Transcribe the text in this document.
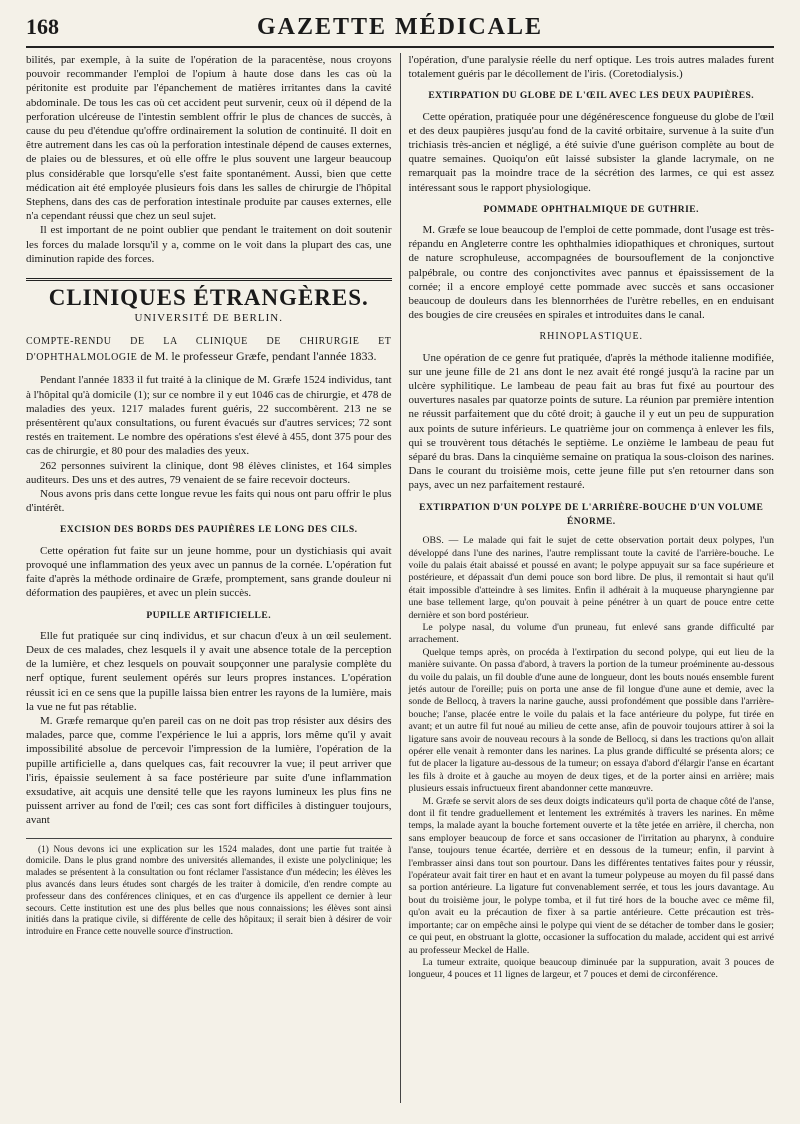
168	GAZETTE MÉDICALE

bilités, par exemple, à la suite de l'opération de la paracentèse, nous croyons pouvoir recommander l'emploi de l'opium à haute dose dans les cas où la péritonite est produite par l'épanchement de matières irritantes dans la cavité abdominale. De tous les cas où cet accident peut survenir, ceux où il dépend de la perforation ulcéreuse de l'intestin semblent offrir le plus de chances de succès, à cause du peu d'étendue qu'offre ordinairement la solution de continuité. Il doit en être autrement dans les cas où la perforation intestinale dépend de causes externes, de plaies ou de blessures, et où elle offre le plus souvent une largeur beaucoup plus considérable que lorsqu'elle s'est faite spontanément. Aussi, bien que cette médication ait été employée plusieurs fois dans les salles de chirurgie de l'hôpital Stephens, dans des cas de perforation intestinale produite par causes externes, elle n'a cependant réussi que chez un seul sujet.

Il est important de ne point oublier que pendant le traitement on doit soutenir les forces du malade lorsqu'il y a, comme on le voit dans la plupart des cas, une diminution rapide des forces.

CLINIQUES ÉTRANGÈRES.
UNIVERSITÉ DE BERLIN.

COMPTE-RENDU DE LA CLINIQUE DE CHIRURGIE ET D'OPHTHALMOLOGIE de M. le professeur Græfe, pendant l'année 1833.

Pendant l'année 1833 il fut traité à la clinique de M. Græfe 1524 individus, tant à l'hôpital qu'à domicile (1); sur ce nombre il y eut 1046 cas de chirurgie, et 478 de maladies des yeux. 1217 malades furent guéris, 22 succombèrent. 213 ne se présentèrent qu'aux consultations, ou furent évacués sur d'autres services; 72 sont restés en traitement. Le nombre des opérations s'est élevé à 455, dont 375 pour des cas de chirurgie, et 80 pour des maladies des yeux.

262 personnes suivirent la clinique, dont 98 élèves clinistes, et 164 simples auditeurs. Des uns et des autres, 79 venaient de se faire recevoir docteurs.

Nous avons pris dans cette longue revue les faits qui nous ont paru offrir le plus d'intérêt.

EXCISION DES BORDS DES PAUPIÈRES LE LONG DES CILS.

Cette opération fut faite sur un jeune homme, pour un dystichiasis qui avait provoqué une inflammation des yeux avec un pannus de la cornée. L'opération fut faite d'après la méthode ordinaire de Græfe, promptement, sans grande douleur ni déformation des paupières, et avec un plein succès.

PUPILLE ARTIFICIELLE.

Elle fut pratiquée sur cinq individus, et sur chacun d'eux à un œil seulement. Deux de ces malades, chez lesquels il y avait une absence totale de la perception de la lumière, et chez lesquels on pouvait soupçonner une paralysie complète du nerf optique, furent seulement opérés sur leurs propres instances. L'opération réussit ici en ce sens que la pupille laissa bien entrer les rayons de la lumière, mais la vue ne fut pas rétablie.

M. Græfe remarque qu'en pareil cas on ne doit pas trop résister aux désirs des malades, parce que, comme l'expérience le lui a appris, lors même qu'il y avait impossibilité absolue de percevoir l'impression de la lumière, l'opération de la pupille artificielle a, dans quelques cas, fait recouvrer la vue; il peut arriver que l'iris, épaissie seulement à sa face postérieure par suite d'une inflammation exsudative, ait acquis une densité telle que les rayons lumineux les plus fins ne puissent arriver au fond de l'œil; ces cas sont fort difficiles à distinguer toujours, avant

(1) Nous devons ici une explication sur les 1524 malades, dont une partie fut traitée à domicile. Dans le plus grand nombre des universités allemandes, il existe une polyclinique; les malades se présentent à la consultation ou font réclamer l'assistance d'un médecin; les élèves les plus avancés dans leurs études sont chargés de les traiter à domicile, d'en rendre compte au professeur dans des conférences cliniques, et en cas d'urgence ils appellent ce dernier à leur secours. Cette institution est une des plus belles que nous connaissions; les élèves sont ainsi initiés dans la pratique civile, si différente de celle des hôpitaux; il serait bien à désirer de voir introduire en France cette nouvelle source d'instruction.

l'opération, d'une paralysie réelle du nerf optique. Les trois autres malades furent totalement guéris par le décollement de l'iris. (Coretodialysis.)

EXTIRPATION DU GLOBE DE L'ŒIL AVEC LES DEUX PAUPIÈRES.

Cette opération, pratiquée pour une dégénérescence fongueuse du globe de l'œil et des deux paupières jusqu'au fond de la cavité orbitaire, survenue à la suite d'un trichiasis très-ancien et négligé, a été suivie d'une guérison complète au bout de quatre semaines. Quoiqu'on eût laissé subsister la glande lacrymale, on ne remarquait pas la moindre trace de la sécrétion des larmes, ce qui est assez intéressant sous le rapport physiologique.

POMMADE OPHTHALMIQUE DE GUTHRIE.

M. Græfe se loue beaucoup de l'emploi de cette pommade, dont l'usage est très-répandu en Angleterre contre les ophthalmies idiopathiques et chroniques, surtout de nature scrophuleuse, accompagnées de boursouflement de la conjonctive palpébrale, ou contre des conjonctivites avec pannus et épaississement de la cornée; il a encore employé cette pommade avec succès et sans occasioner beaucoup de douleurs dans les blennorrhées de l'urètre rebelles, en en enduisant des bougies de cire creusées en spirales et introduites dans le canal.

RHINOPLASTIQUE.

Une opération de ce genre fut pratiquée, d'après la méthode italienne modifiée, sur une jeune fille de 21 ans dont le nez avait été rongé jusqu'à la racine par un ulcère syphilitique. Le lambeau de peau fait au bras fut fixé au pourtour des ouvertures nasales par quatorze points de suture. La réunion par première intention ne réussit parfaitement que du côté droit; à gauche il y eut un peu de suppuration aux points de suture inférieurs. Le quatrième jour on commença à enlever les fils, qui se trouvèrent tous détachés le septième. Le onzième le lambeau de peau fut séparé du bras. Dans la cinquième semaine on pratiqua la sous-cloison des narines. Dans le courant du troisième mois, cette jeune fille put s'en retourner dans son pays, avec un nez parfaitement restauré.

EXTIRPATION D'UN POLYPE DE L'ARRIÈRE-BOUCHE D'UN VOLUME ÉNORME.

OBS. — Le malade qui fait le sujet de cette observation portait deux polypes, l'un développé dans l'une des narines, l'autre remplissant toute la cavité de l'arrière-bouche. Le voile du palais était abaissé et poussé en avant; le polype appuyait sur sa face supérieure et postérieure, et dépassait d'un demi pouce son bord libre. De plus, il remontait si haut qu'il était impossible d'atteindre à ses limites. Enfin il adhérait à la muqueuse pharyngienne par une base tellement large, qu'on pouvait à peine pénétrer à un quart de pouce entre cette dernière et son bord postérieur.

Le polype nasal, du volume d'un pruneau, fut enlevé sans grande difficulté par arrachement.

Quelque temps après, on procéda à l'extirpation du second polype, qui eut lieu de la manière suivante. On passa d'abord, à travers la portion de la tumeur proéminente au-dessous du voile du palais, un fil double d'une aune de longueur, dont les bouts noués ensemble furent jetés autour de l'oreille; puis on porta une anse de fil longue d'une aune et demie, avec la sonde de Bellocq, à travers la narine gauche, aussi profondément que possible dans l'arrière-bouche; l'anse, placée entre le voile du palais et la face antérieure du polype, fut tirée en avant; et un autre fil fut noué au milieu de cette anse, afin de pouvoir toujours attirer à soi la ligature sans avoir de nouveau recours à la sonde de Bellocq, si dans les tractions qu'on allait opérer elle venait à remonter dans les narines. La plus grande difficulté se présenta alors; ce fut de placer la ligature au-dessous de la tumeur; on essaya d'abord d'élargir l'anse en écartant les fils à droite et à gauche au moyen de deux tiges, et de la porter ainsi en arrière; mais plusieurs essais infructueux firent abandonner cette manœuvre.

M. Græfe se servit alors de ses deux doigts indicateurs qu'il porta de chaque côté de l'anse, dont il fit tendre graduellement et lentement les extrémités à travers les narines. En même temps, la malade ayant la bouche fortement ouverte et la tête jetée en arrière, il chercha, non sans employer beaucoup de force et sans occasioner de l'irritation au pharynx, à conduire l'anse, toujours tenue écartée, derrière et en dessous de la tumeur; enfin, il parvint à l'embrasser ainsi dans tout son pourtour. Dans les différentes tentatives faites pour y réussir, l'opérateur avait fait tirer en haut et en avant la tumeur polypeuse au moyen du fil passé dans sa portion antérieure. La ligature fut convenablement serrée, et tous les jours davantage. Au bout du troisième jour, le polype tomba, et il fut tiré hors de la bouche avec ce même fil, qu'on avait eu la précaution de fixer à sa partie antérieure. Cette précaution est très-importante; car on empêche ainsi le polype qui vient de se détacher de tomber dans le gosier; ce qui peut, en obstruant la glotte, occasioner la suffocation du malade, accident qui est arrivé au professeur Meckel de Halle.

La tumeur extraite, quoique beaucoup diminuée par la suppuration, avait 3 pouces de longueur, 4 pouces et 11 lignes de largeur, et 7 pouces et demi de circonférence.
